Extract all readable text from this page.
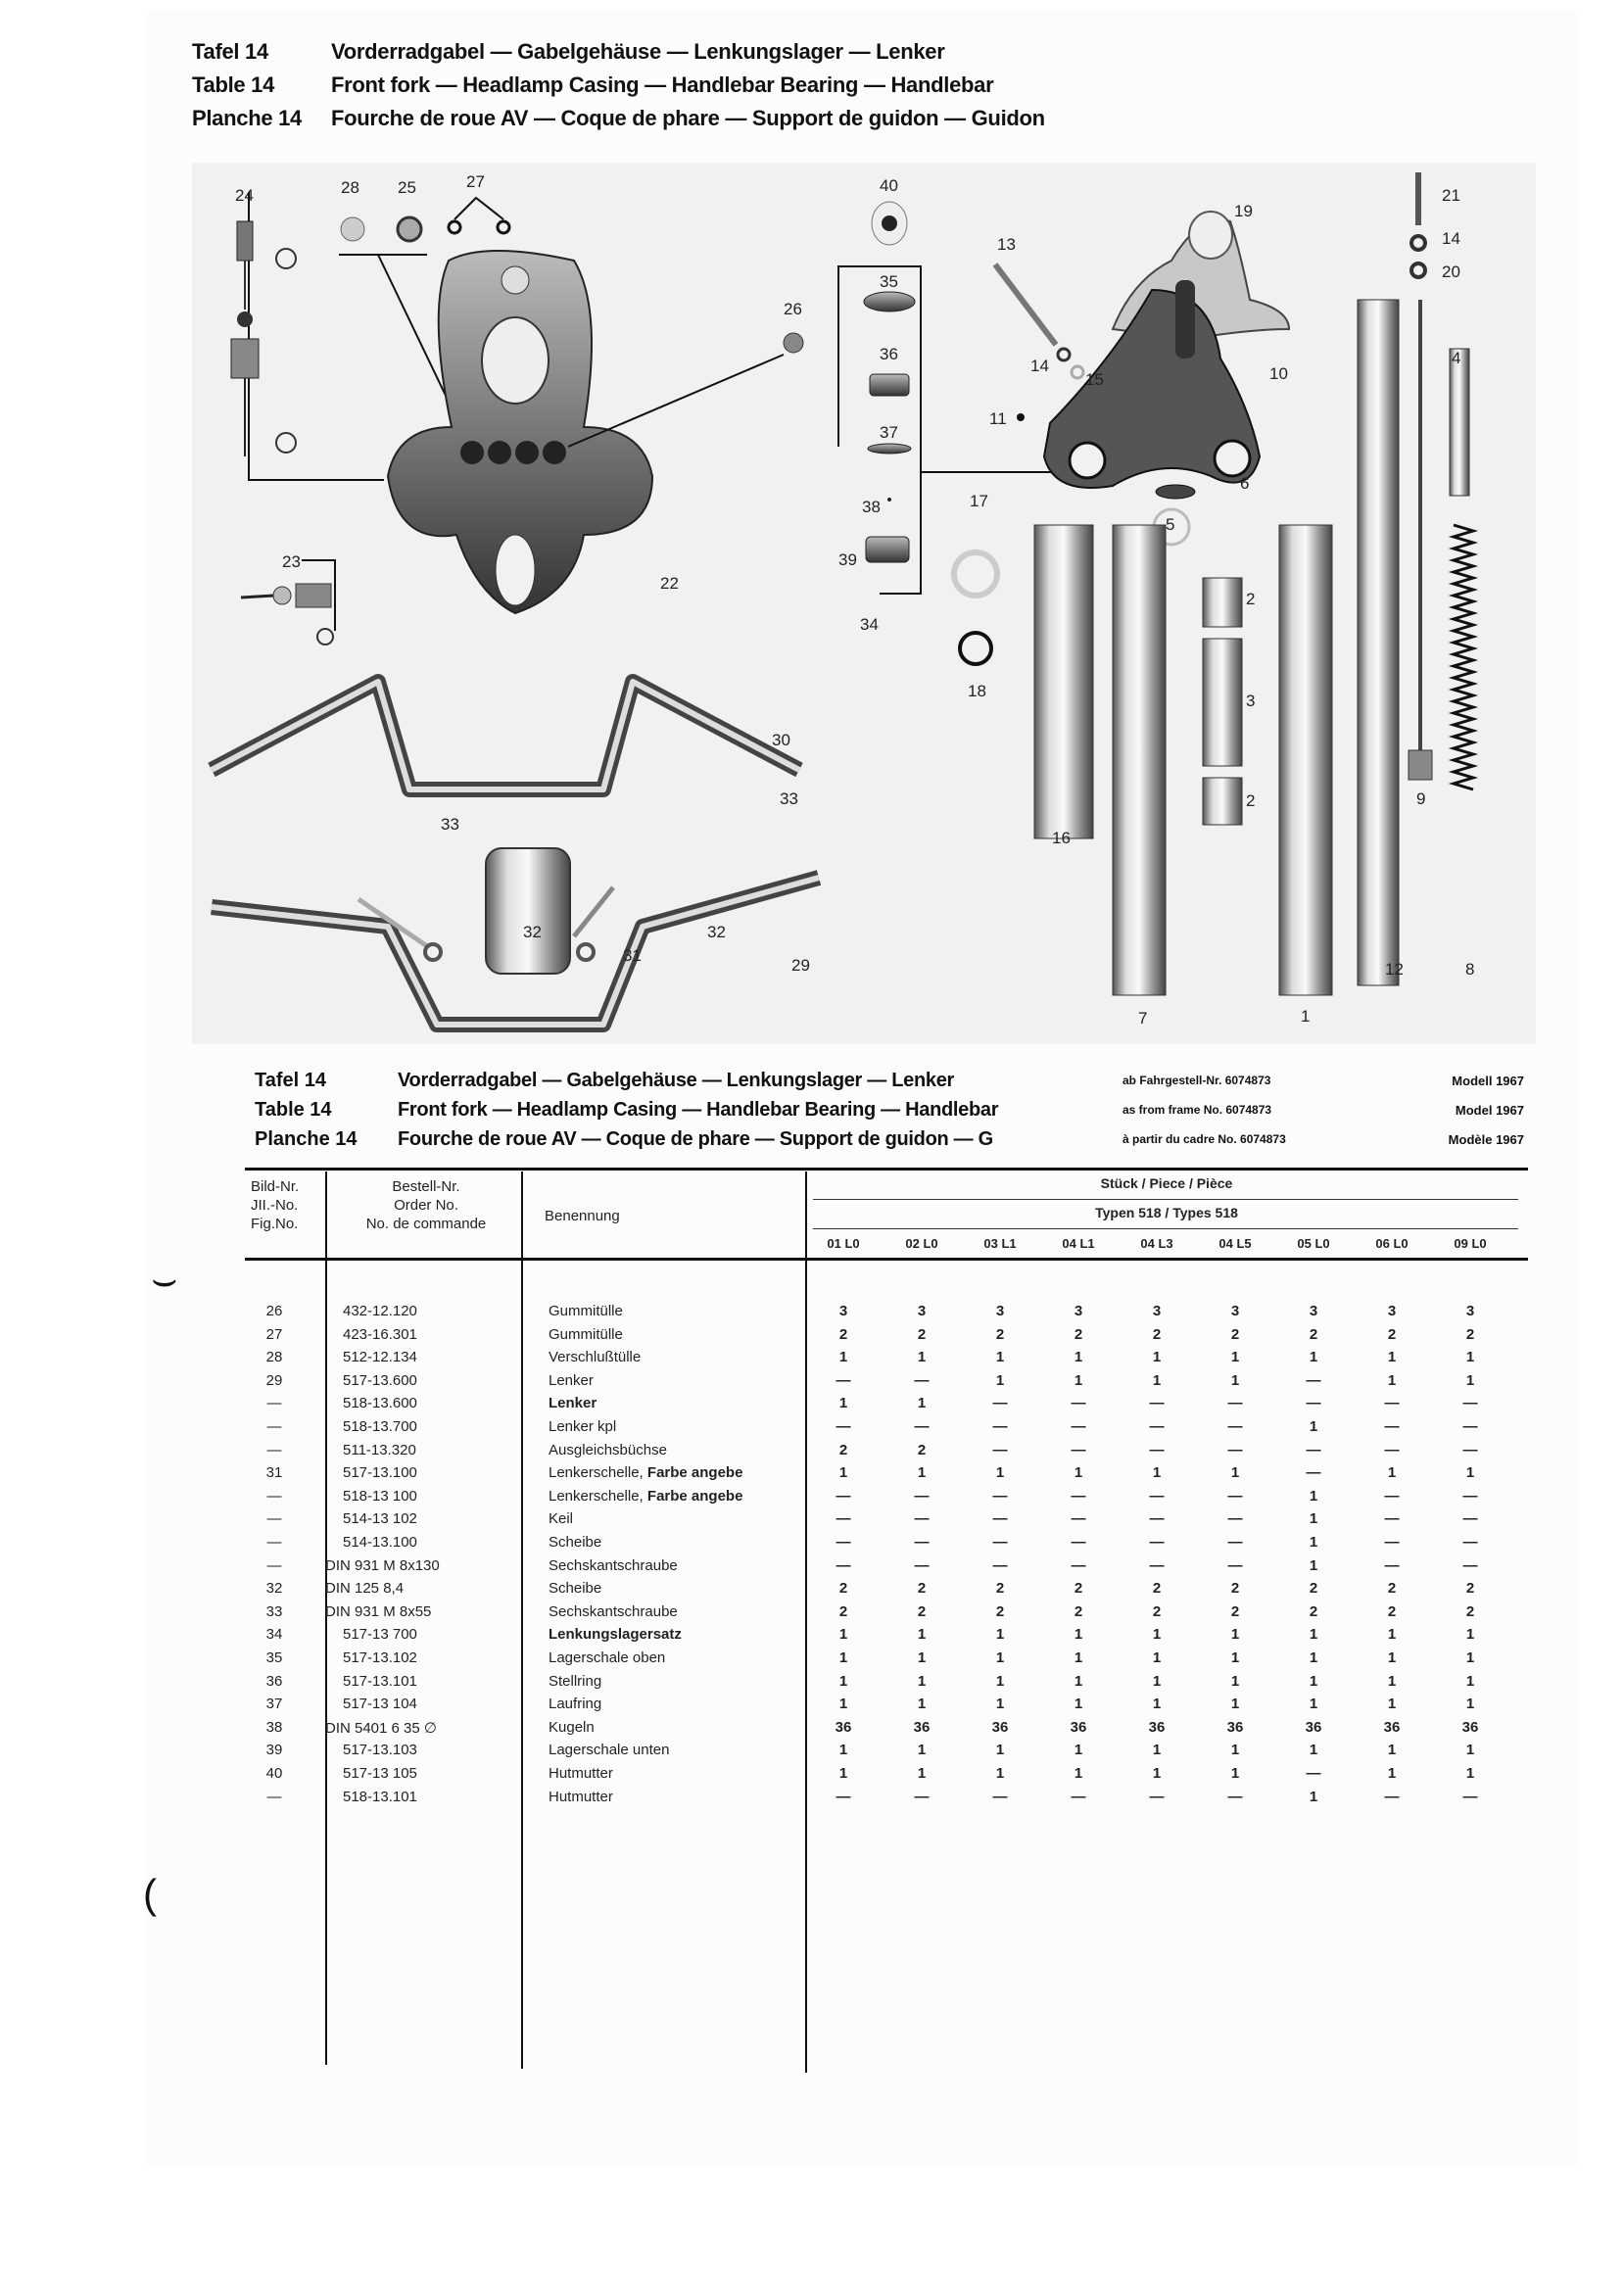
Tafel 14	Vorderradgabel — Gabelgehäuse — Lenkungslager — Lenker
Table 14	Front fork — Headlamp Casing — Handlebar Bearing — Handlebar
Planche 14	Fourche de roue AV — Coque de phare — Support de guidon — Guidon
24	28 25	27	40
26
35
36
37
38
39
34
22
23
13
14
15
11
10
19
21
14
20
4
6
5
17
18
2
3
2
16
7	1
12
9
8
30
33
33
32	32
31
29
Tafel 14	Vorderradgabel — Gabelgehäuse — Lenkungslager — Lenker	ab Fahrgestell-Nr. 6074873	Modell 1967
Table 14	Front fork — Headlamp Casing — Handlebar Bearing — Handlebar	as from frame No. 6074873	Model 1967
Planche 14	Fourche de roue AV — Coque de phare — Support de guidon — G	à partir du cadre No. 6074873	Modèle 1967
Bild-Nr.
JII.-No.
Fig.No.
Bestell-Nr.
Order No.
No. de commande	Benennung
Stück / Piece / Pièce
Typen 518 / Types 518
01 L0	02 L0	03 L1	04 L1	04 L3	04 L5	05 L0	06 L0	09 L0
26	432-12.120	Gummitülle	3	3	3	3	3	3	3	3	3
27	423-16.301	Gummitülle	2	2	2	2	2	2	2	2	2
28	512-12.134	Verschlußtülle	1	1	1	1	1	1	1	1	1
29	517-13.600	Lenker	—	—	1	1	1	1	—	1	1
—	518-13.600	Lenker	1	1	—	—	—	—	—	—	—
—	518-13.700	Lenker kpl	—	—	—	—	—	—	1	—	—
—	511-13.320	Ausgleichsbüchse	2	2	—	—	—	—	—	—	—
31	517-13.100	Lenkerschelle, Farbe angebe	1	1	1	1	1	1	—	1	1
—	518-13 100	Lenkerschelle, Farbe angebe	—	—	—	—	—	—	1	—	—
—	514-13 102	Keil	—	—	—	—	—	—	1	—	—
—	514-13.100	Scheibe	—	—	—	—	—	—	1	—	—
—	DIN 931 M 8x130	Sechskantschraube	—	—	—	—	—	—	1	—	—
32	DIN 125 8,4	Scheibe	2	2	2	2	2	2	2	2	2
33	DIN 931 M 8x55	Sechskantschraube	2	2	2	2	2	2	2	2	2
34	517-13 700	Lenkungslagersatz	1	1	1	1	1	1	1	1	1
35	517-13.102	Lagerschale oben	1	1	1	1	1	1	1	1	1
36	517-13.101	Stellring	1	1	1	1	1	1	1	1	1
37	517-13 104	Laufring	1	1	1	1	1	1	1	1	1
38	DIN 5401 6 35 ∅	Kugeln	36	36	36	36	36	36	36	36	36
39	517-13.103	Lagerschale unten	1	1	1	1	1	1	1	1	1
40	517-13 105	Hutmutter	1	1	1	1	1	1	—	1	1
—	518-13.101	Hutmutter	—	—	—	—	—	—	1	—	—
⌣
(
